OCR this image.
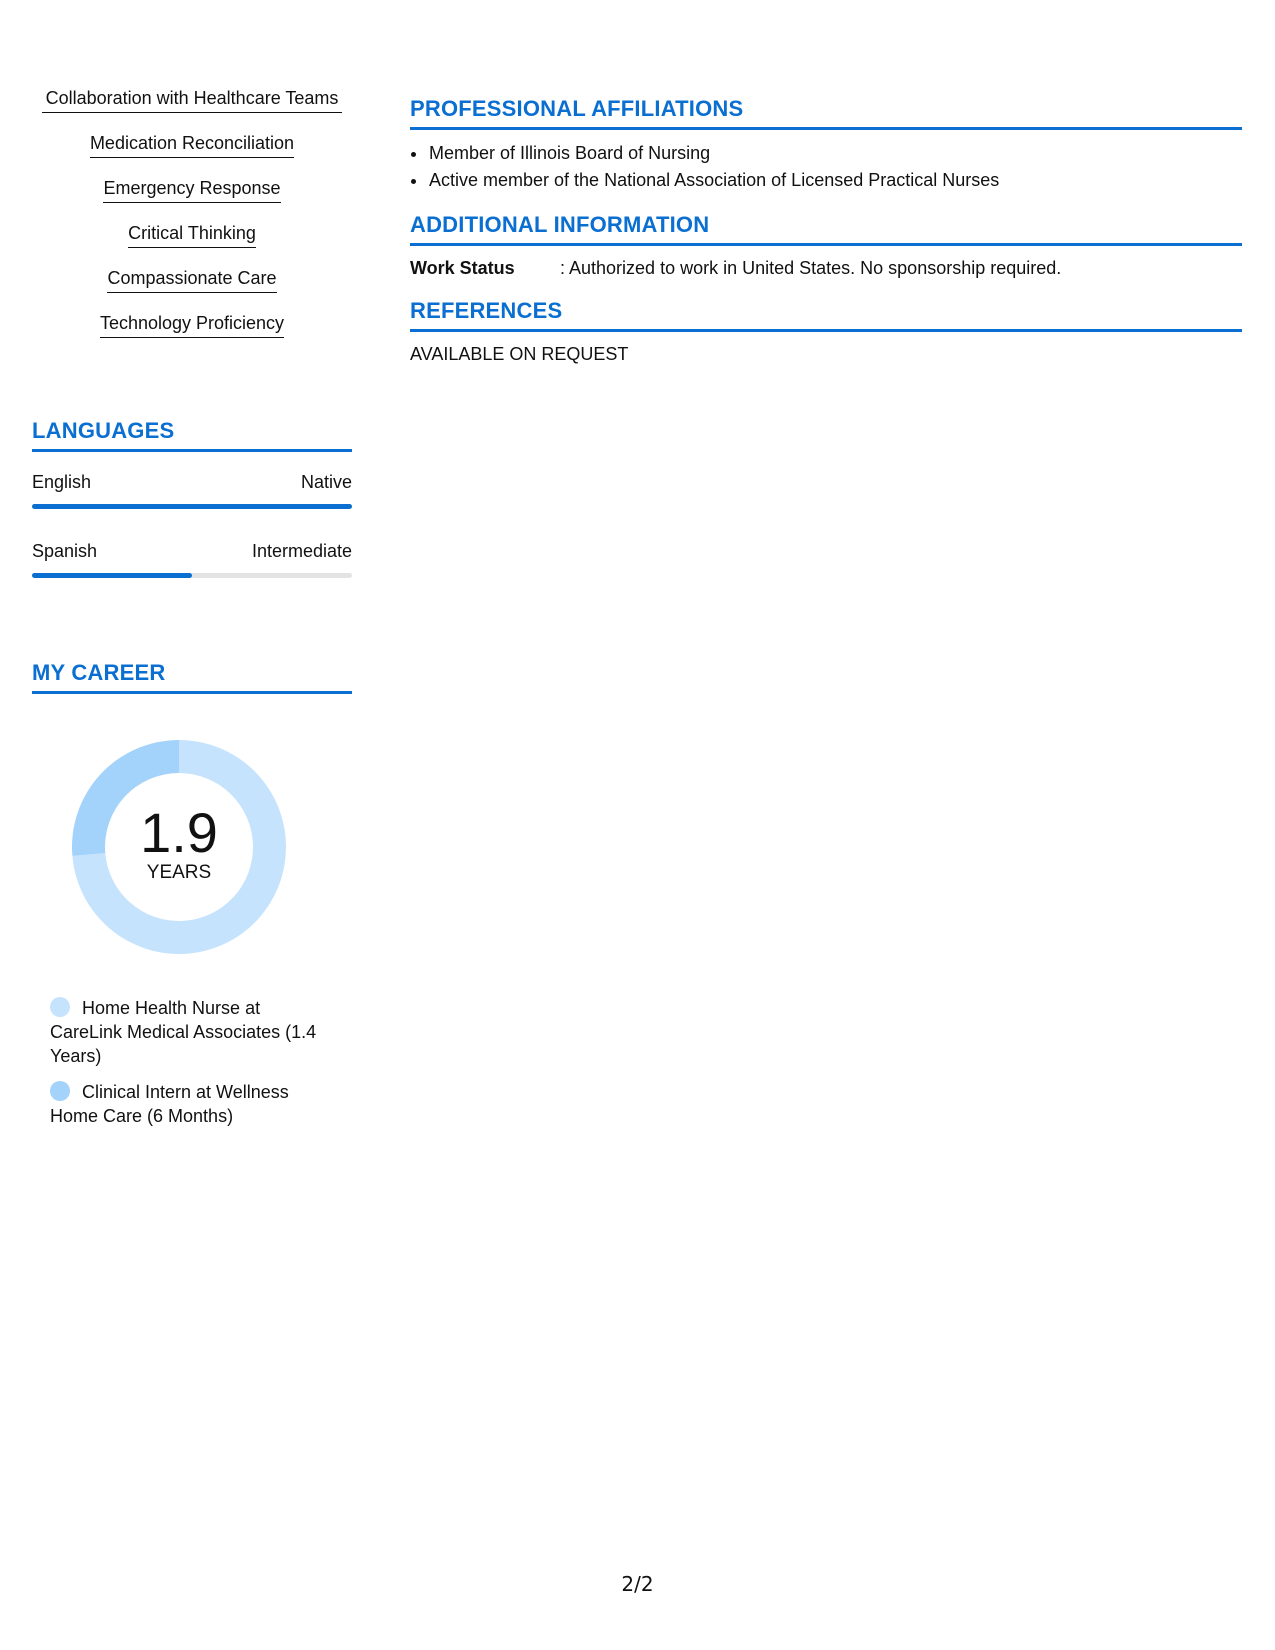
Collaboration with Healthcare Teams
Medication Reconciliation
Emergency Response
Critical Thinking
Compassionate Care
Technology Proficiency
LANGUAGES
English	Native
Spanish	Intermediate
MY CAREER
1.9
YEARS
Home Health Nurse at CareLink Medical Associates (1.4 Years)
Clinical Intern at Wellness Home Care (6 Months)
PROFESSIONAL AFFILIATIONS
• Member of Illinois Board of Nursing
• Active member of the National Association of Licensed Practical Nurses
ADDITIONAL INFORMATION
Work Status	: Authorized to work in United States. No sponsorship required.
REFERENCES
AVAILABLE ON REQUEST
2/2
